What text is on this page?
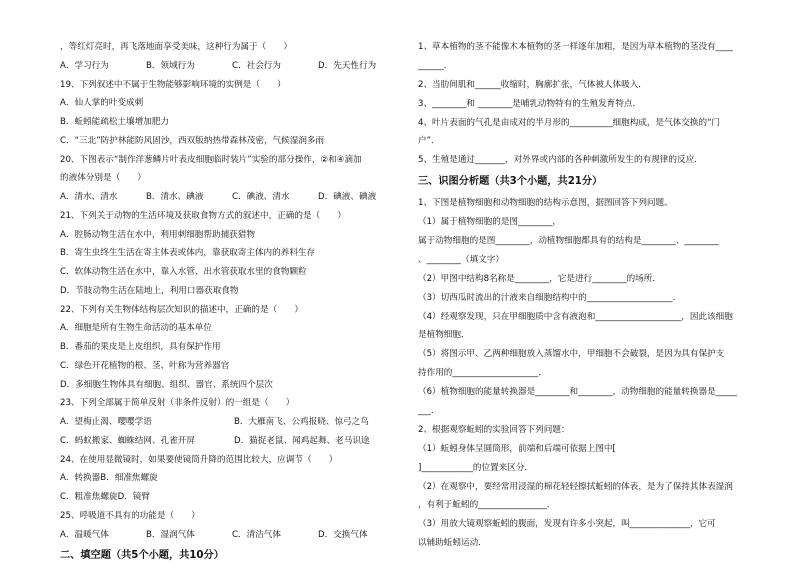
，等红灯亮时，再飞落地面享受美味，这种行为属于（　　）
A．学习行为	B．领域行为	C．社会行为	D．先天性行为
19、下列叙述中不属于生物能够影响环境的实例是（　　）
A．仙人掌的叶变成刺
B．蚯蚓能疏松土壤增加肥力
C．“三北”防护林能防风固沙，西双版纳热带森林茂密，气候湿润多雨
20、下图表示“制作洋葱鳞片叶表皮细胞临时装片”实验的部分操作，②和④滴加
的液体分别是（　　）
A．清水、清水	B．清水、碘液	C．碘液、清水	D．碘液、碘液
21、下列关于动物的生活环境及获取食物方式的叙述中，正确的是（　　）
A．腔肠动物生活在水中，利用刺细胞帮助捕获猎物
B．寄生虫终生生活在寄主体表或体内，靠获取寄主体内的养料生存
C．软体动物生活在水中，靠入水管、出水管获取水里的食物颗粒
D．节肢动物生活在陆地上，利用口器获取食物
22、下列有关生物体结构层次知识的描述中，正确的是（　　）
A．细胞是所有生物生命活动的基本单位
B．番茄的果皮是上皮组织，具有保护作用
C．绿色开花植物的根、茎、叶称为营养器官
D．多细胞生物体具有细胞、组织、器官、系统四个层次
23、下列全部属于简单反射（非条件反射）的一组是（　　）
A．望梅止渴、嘤嘤学语	B．大雁南飞、公鸡报晓、惊弓之鸟
C．蚂蚁搬家、蜘蛛结网、孔雀开屏	D．猫捉老鼠、闻鸡起舞、老马识途
24、在使用显微镜时，如果要使镜筒升降的范围比较大，应调节（　　）
A．转换器B．细准焦螺旋
C．粗准焦螺旋D．镜臂
25、呼吸道不具有的功能是（　　）
A．温暖气体	B．湿润气体	C．清洁气体	D．交换气体
二、填空题（共5个小题，共10分）
1、草本植物的茎不能像木本植物的茎一样逐年加粗，是因为草本植物的茎没有____
______．
2、当肋间肌和______收缩时，胸廓扩张，气体被人体吸入．
3、________和 ________是哺乳动物特有的生殖发育特点．
4、叶片表面的气孔是由成对的半月形的__________细胞构成，是气体交换的“门
户”．
5、生殖是通过_______，对外界或内部的各种刺激所发生的有规律的反应．
三、识图分析题（共3个小题，共21分）
1、下图是植物细胞和动物细胞的结构示意图，据图回答下列问题。
（1）属于植物细胞的是图________，
属于动物细胞的是图________，动植物细胞都具有的结构是________、________
、________（填文字）
（2）甲图中结构8名称是________，它是进行________的场所．
（3）切西瓜时流出的汁液来自细胞结构中的____________________．
（4）经观察发现，只在甲细胞质中含有液泡和____________________，因此该细胞
是植物细胞．
（5）将图示甲、乙两种细胞放入蒸馏水中，甲细胞不会破裂，是因为具有保护支
持作用的____________________．
（6）植物细胞的能量转换器是________和________，动物细胞的能量转换器是_____
___．
2、根据观察蚯蚓的实验回答下列问题：
（1）蚯蚓身体呈圆筒形，前端和后端可依据上图中[
]____________的位置来区分．
（2）在观察中，要经常用浸湿的棉花轻轻擦拭蚯蚓的体表，是为了保持其体表湿润
，有利于蚯蚓的________________．
（3）用放大镜观察蚯蚓的腹面，发现有许多小突起，叫______________，它可
以辅助蚯蚓运动．
